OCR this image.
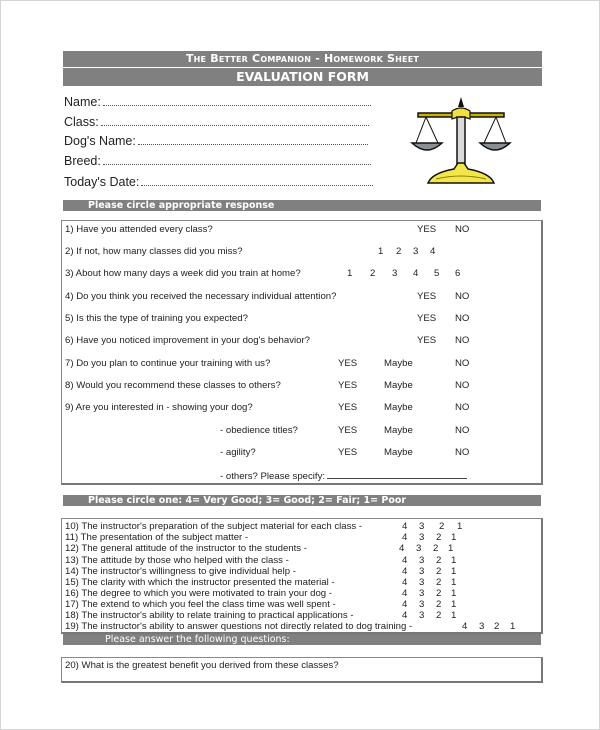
The Better Companion - Homework Sheet
EVALUATION FORM
Name:
Class:
Dog's Name:
Breed:
Today's Date:
Please circle appropriate response
1) Have you attended every class?	YES NO
2) If not, how many classes did you miss?	1 2 3 4
3) About how many days a week did you train at home?	1 2 3 4 5 6
4) Do you think you received the necessary individual attention?	YES NO
5) Is this the type of training you expected?	YES NO
6) Have you noticed improvement in your dog's behavior?	YES NO
7) Do you plan to continue your training with us?	YES	Maybe	NO
8) Would you recommend these classes to others?	YES	Maybe	NO
9) Are you interested in - showing your dog?	YES	Maybe	NO
- obedience titles?	YES	Maybe	NO
- agility?	YES	Maybe	NO
- others? Please specify:
Please circle one: 4= Very Good; 3= Good; 2= Fair; 1= Poor
10) The instructor's preparation of the subject material for each class -	4 3 2 1
11) The presentation of the subject matter -	4 3 2 1
12) The general attitude of the instructor to the students -	4 3 2 1
13) The attitude by those who helped with the class -	4 3 2 1
14) The instructor's willingness to give individual help -	4 3 2 1
15) The clarity with which the instructor presented the material -	4 3 2 1
16) The degree to which you were motivated to train your dog -	4 3 2 1
17) The extend to which you feel the class time was well spent -	4 3 2 1
18) The instructor's ability to relate training to practical applications -	4 3 2 1
19) The instructor's ability to answer questions not directly related to dog training -	4 3 2 1
Please answer the following questions:
20) What is the greatest benefit you derived from these classes?
